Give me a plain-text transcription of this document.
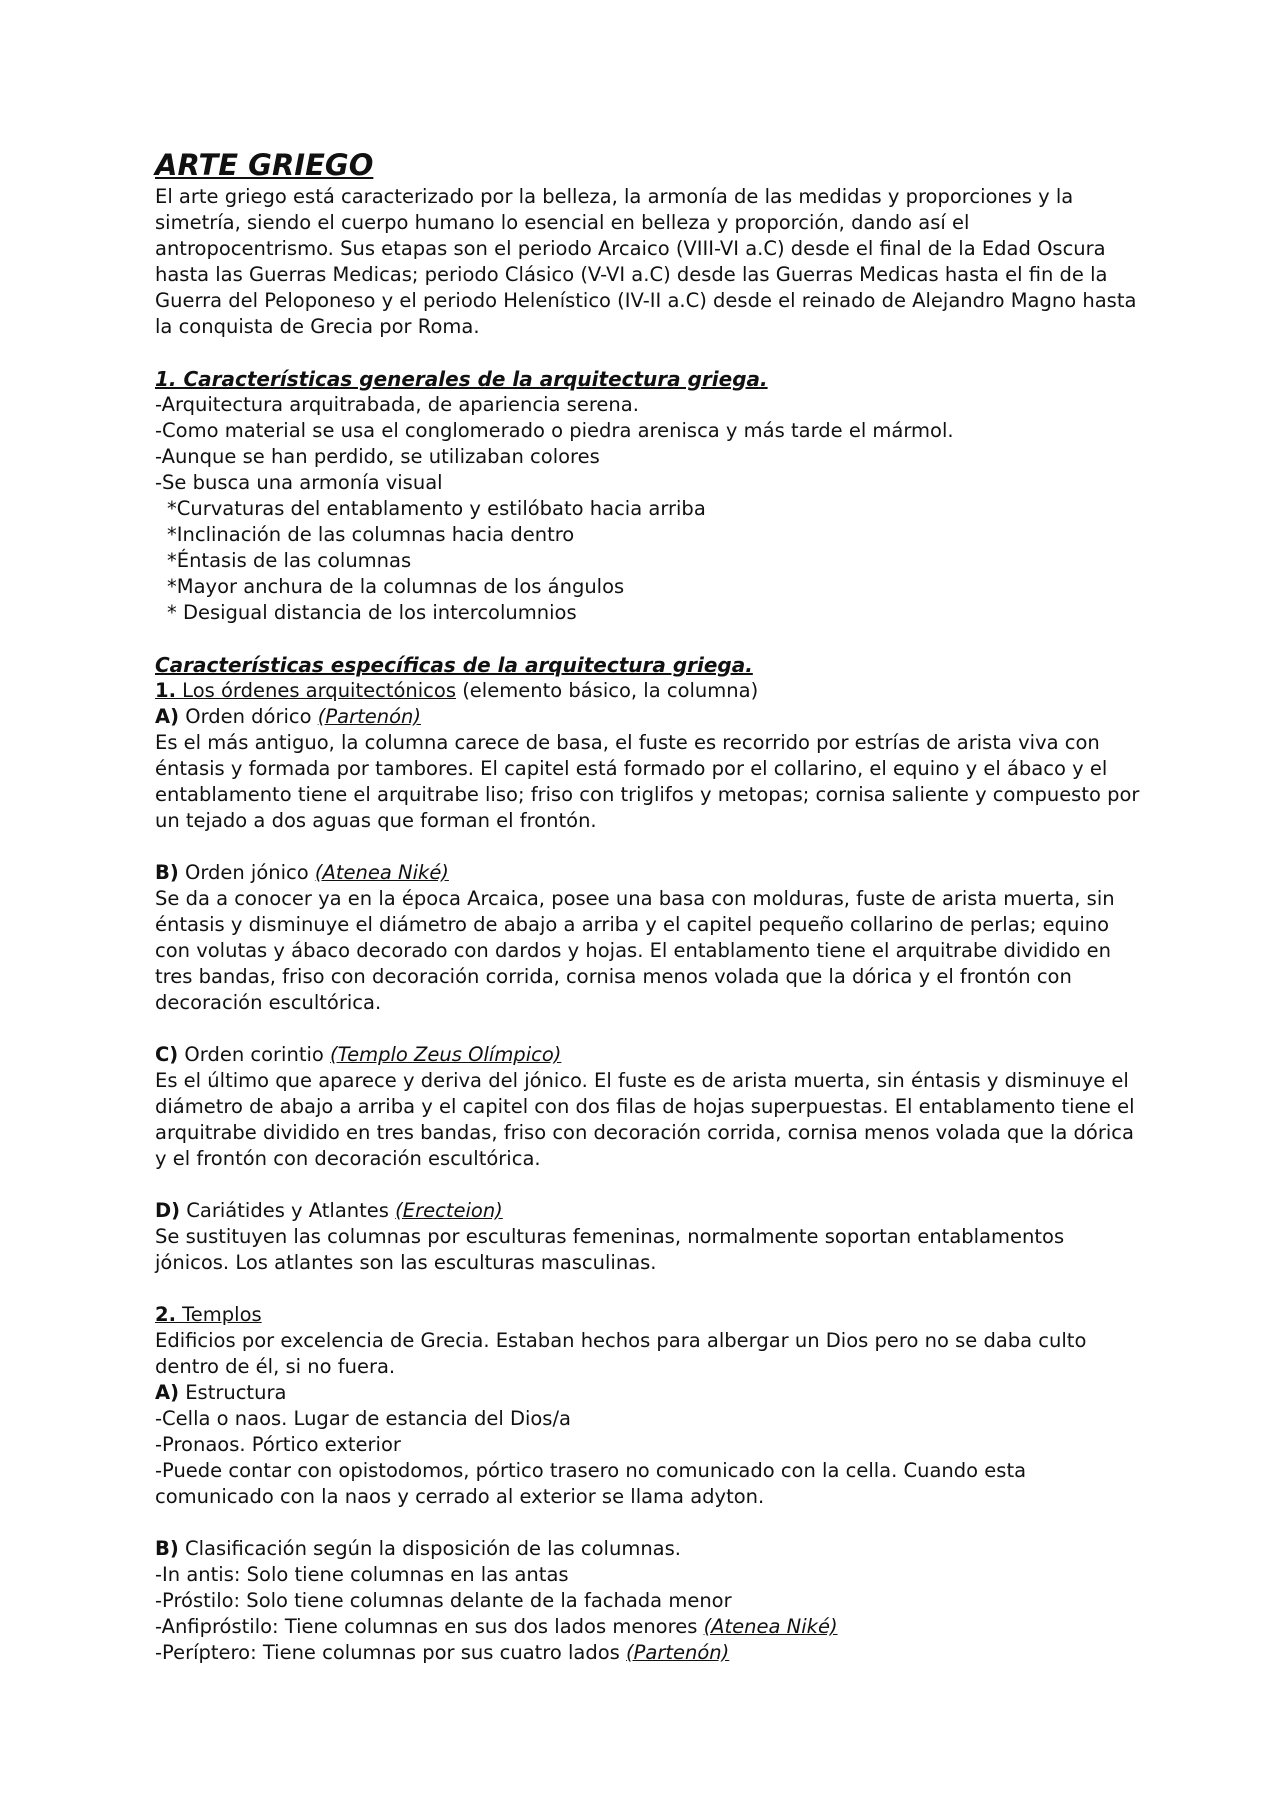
ARTE GRIEGO

El arte griego está caracterizado por la belleza, la armonía de las medidas y proporciones y la simetría, siendo el cuerpo humano lo esencial en belleza y proporción, dando así el antropocentrismo. Sus etapas son el periodo Arcaico (VIII-VI a.C) desde el final de la Edad Oscura hasta las Guerras Medicas; periodo Clásico (V-VI a.C) desde las Guerras Medicas hasta el fin de la Guerra del Peloponeso y el periodo Helenístico (IV-II a.C) desde el reinado de Alejandro Magno hasta la conquista de Grecia por Roma.

1. Características generales de la arquitectura griega.
-Arquitectura arquitrabada, de apariencia serena.
-Como material se usa el conglomerado o piedra arenisca y más tarde el mármol.
-Aunque se han perdido, se utilizaban colores
-Se busca una armonía visual
*Curvaturas del entablamento y estilóbato hacia arriba
*Inclinación de las columnas hacia dentro
*Éntasis de las columnas
*Mayor anchura de la columnas de los ángulos
* Desigual distancia de los intercolumnios
Características específicas de la arquitectura griega.
1. Los órdenes arquitectónicos (elemento básico, la columna)
A) Orden dórico (Partenón)

Es el más antiguo, la columna carece de basa, el fuste es recorrido por estrías de arista viva con éntasis y formada por tambores. El capitel está formado por el collarino, el equino y el ábaco y el entablamento tiene el arquitrabe liso; friso con triglifos y metopas; cornisa saliente y compuesto por un tejado a dos aguas que forman el frontón.

B) Orden jónico (Atenea Niké)

Se da a conocer ya en la época Arcaica, posee una basa con molduras, fuste de arista muerta, sin éntasis y disminuye el diámetro de abajo a arriba y el capitel pequeño collarino de perlas; equino con volutas y ábaco decorado con dardos y hojas. El entablamento tiene el arquitrabe dividido en tres bandas, friso con decoración corrida, cornisa menos volada que la dórica y el frontón con decoración escultórica.

C) Orden corintio (Templo Zeus Olímpico)

Es el último que aparece y deriva del jónico. El fuste es de arista muerta, sin éntasis y disminuye el diámetro de abajo a arriba y el capitel con dos filas de hojas superpuestas. El entablamento tiene el arquitrabe dividido en tres bandas, friso con decoración corrida, cornisa menos volada que la dórica y el frontón con decoración escultórica.

D) Cariátides y Atlantes (Erecteion)

Se sustituyen las columnas por esculturas femeninas, normalmente soportan entablamentos jónicos. Los atlantes son las esculturas masculinas.

2. Templos

Edificios por excelencia de Grecia. Estaban hechos para albergar un Dios pero no se daba culto dentro de él, si no fuera.

A) Estructura
-Cella o naos. Lugar de estancia del Dios/a
-Pronaos. Pórtico exterior

-Puede contar con opistodomos, pórtico trasero no comunicado con la cella. Cuando esta comunicado con la naos y cerrado al exterior se llama adyton.

B) Clasificación según la disposición de las columnas.
-In antis: Solo tiene columnas en las antas
-Próstilo: Solo tiene columnas delante de la fachada menor
-Anfipróstilo: Tiene columnas en sus dos lados menores (Atenea Niké)
-Períptero: Tiene columnas por sus cuatro lados (Partenón)
